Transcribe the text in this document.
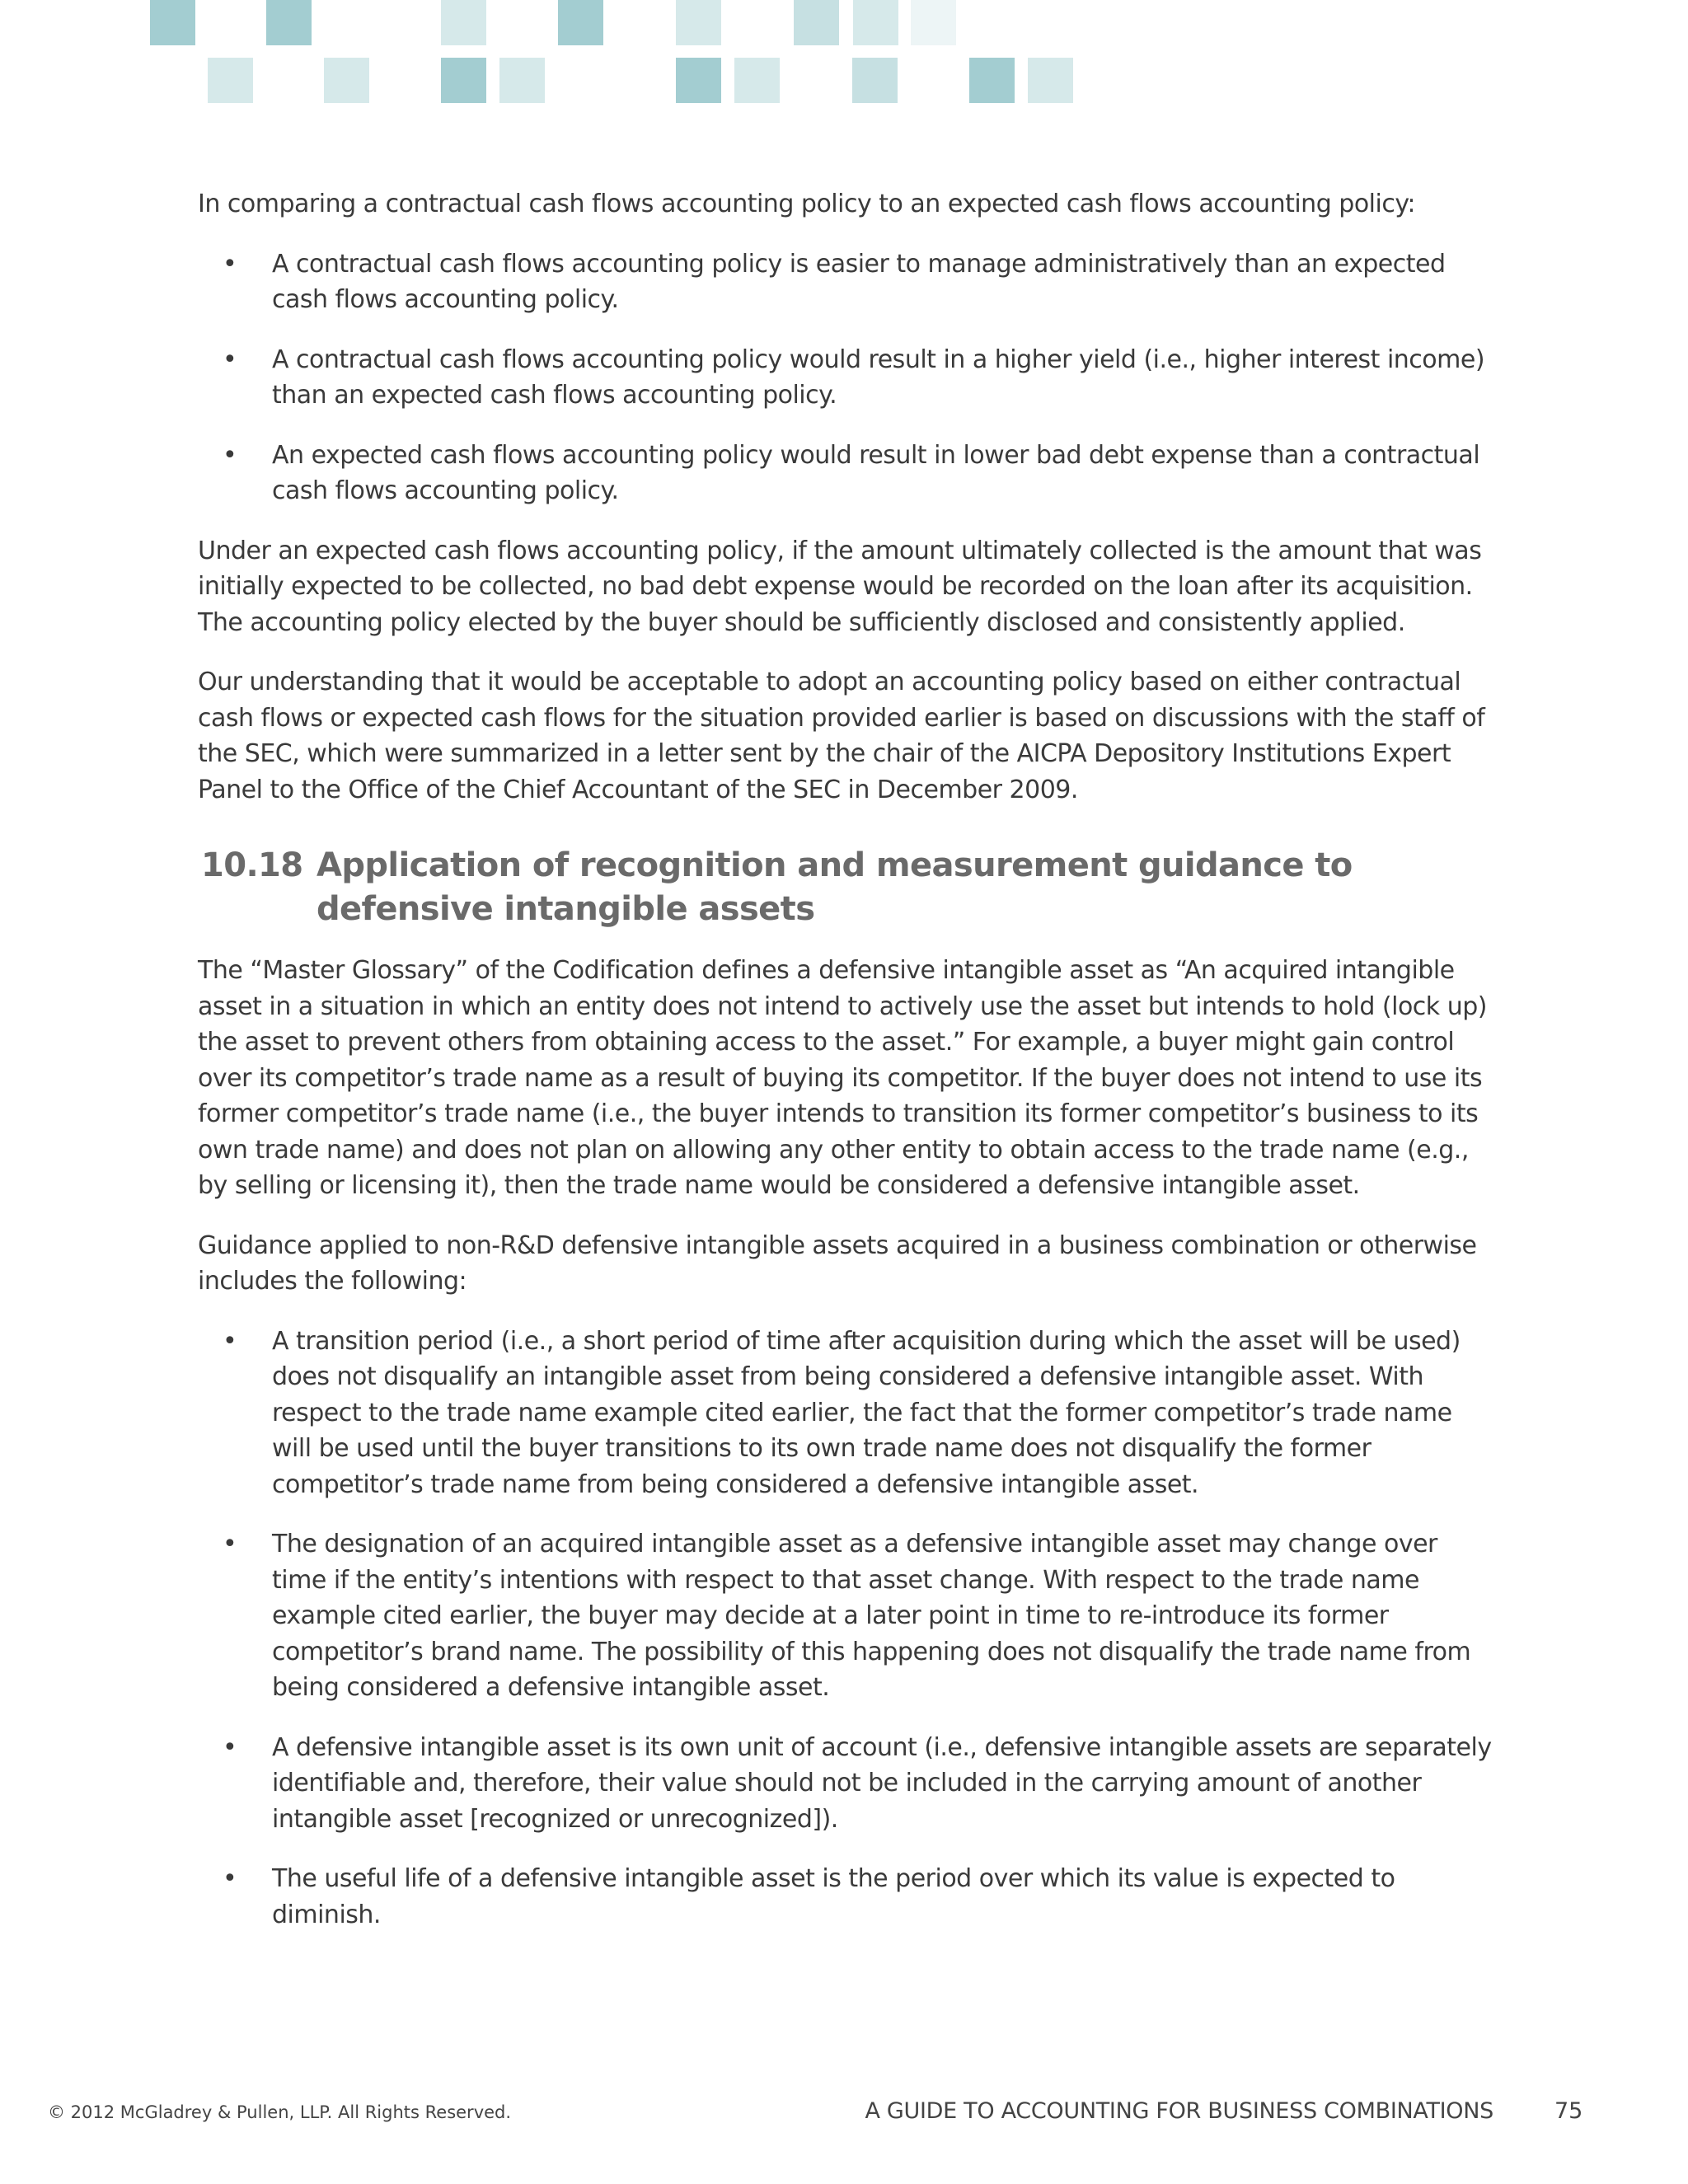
In comparing a contractual cash flows accounting policy to an expected cash flows accounting policy:

• A contractual cash flows accounting policy is easier to manage administratively than an expected cash flows accounting policy.
• A contractual cash flows accounting policy would result in a higher yield (i.e., higher interest income) than an expected cash flows accounting policy.
• An expected cash flows accounting policy would result in lower bad debt expense than a contractual cash flows accounting policy.

Under an expected cash flows accounting policy, if the amount ultimately collected is the amount that was initially expected to be collected, no bad debt expense would be recorded on the loan after its acquisition. The accounting policy elected by the buyer should be sufficiently disclosed and consistently applied.

Our understanding that it would be acceptable to adopt an accounting policy based on either contractual cash flows or expected cash flows for the situation provided earlier is based on discussions with the staff of the SEC, which were summarized in a letter sent by the chair of the AICPA Depository Institutions Expert Panel to the Office of the Chief Accountant of the SEC in December 2009.

10.18 Application of recognition and measurement guidance to defensive intangible assets

The “Master Glossary” of the Codification defines a defensive intangible asset as “An acquired intangible asset in a situation in which an entity does not intend to actively use the asset but intends to hold (lock up) the asset to prevent others from obtaining access to the asset.” For example, a buyer might gain control over its competitor’s trade name as a result of buying its competitor. If the buyer does not intend to use its former competitor’s trade name (i.e., the buyer intends to transition its former competitor’s business to its own trade name) and does not plan on allowing any other entity to obtain access to the trade name (e.g., by selling or licensing it), then the trade name would be considered a defensive intangible asset.

Guidance applied to non-R&D defensive intangible assets acquired in a business combination or otherwise includes the following:

• A transition period (i.e., a short period of time after acquisition during which the asset will be used) does not disqualify an intangible asset from being considered a defensive intangible asset. With respect to the trade name example cited earlier, the fact that the former competitor’s trade name will be used until the buyer transitions to its own trade name does not disqualify the former competitor’s trade name from being considered a defensive intangible asset.
• The designation of an acquired intangible asset as a defensive intangible asset may change over time if the entity’s intentions with respect to that asset change. With respect to the trade name example cited earlier, the buyer may decide at a later point in time to re-introduce its former competitor’s brand name. The possibility of this happening does not disqualify the trade name from being considered a defensive intangible asset.
• A defensive intangible asset is its own unit of account (i.e., defensive intangible assets are separately identifiable and, therefore, their value should not be included in the carrying amount of another intangible asset [recognized or unrecognized]).
• The useful life of a defensive intangible asset is the period over which its value is expected to diminish.
© 2012 McGladrey & Pullen, LLP. All Rights Reserved.	A GUIDE TO ACCOUNTING FOR BUSINESS COMBINATIONS	75
